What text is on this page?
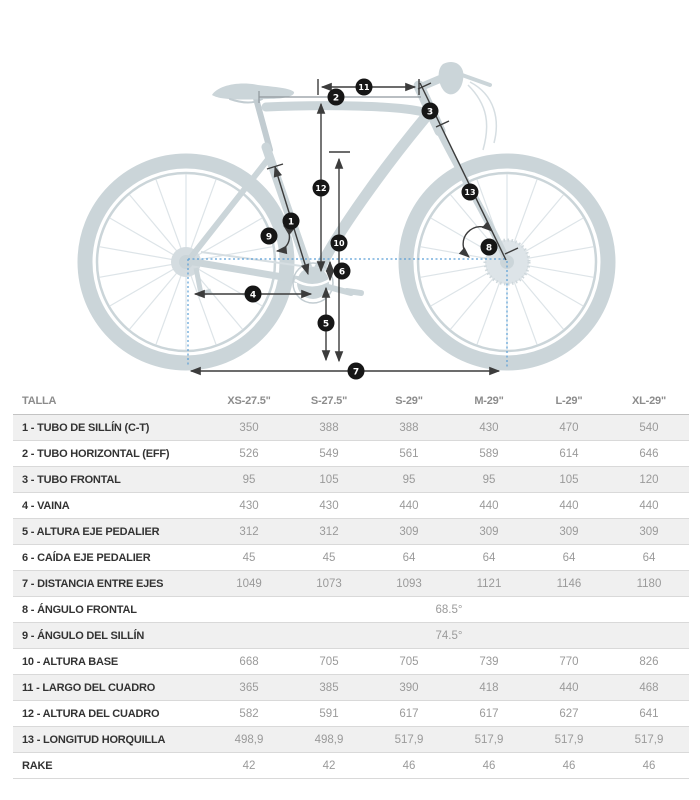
1
2
3
4
5
6
7
8
9
10
11
12	13
TALLA	XS-27.5"	S-27.5"	S-29"	M-29"	L-29"	XL-29"
1 - TUBO DE SILLÍN (C-T)	350	388	388	430	470	540
2 - TUBO HORIZONTAL (EFF)	526	549	561	589	614	646
3 - TUBO FRONTAL	95	105	95	95	105	120
4 - VAINA	430	430	440	440	440	440
5 - ALTURA EJE PEDALIER	312	312	309	309	309	309
6 - CAÍDA EJE PEDALIER	45	45	64	64	64	64
7 - DISTANCIA ENTRE EJES	1049	1073	1093	1121	1146	1180
8 - ÁNGULO FRONTAL	68.5°					
9 - ÁNGULO DEL SILLÍN	74.5°					
10 - ALTURA BASE	668	705	705	739	770	826
11 - LARGO DEL CUADRO	365	385	390	418	440	468
12 - ALTURA DEL CUADRO	582	591	617	617	627	641
13 - LONGITUD HORQUILLA	498,9	498,9	517,9	517,9	517,9	517,9
RAKE	42	42	46	46	46	46
